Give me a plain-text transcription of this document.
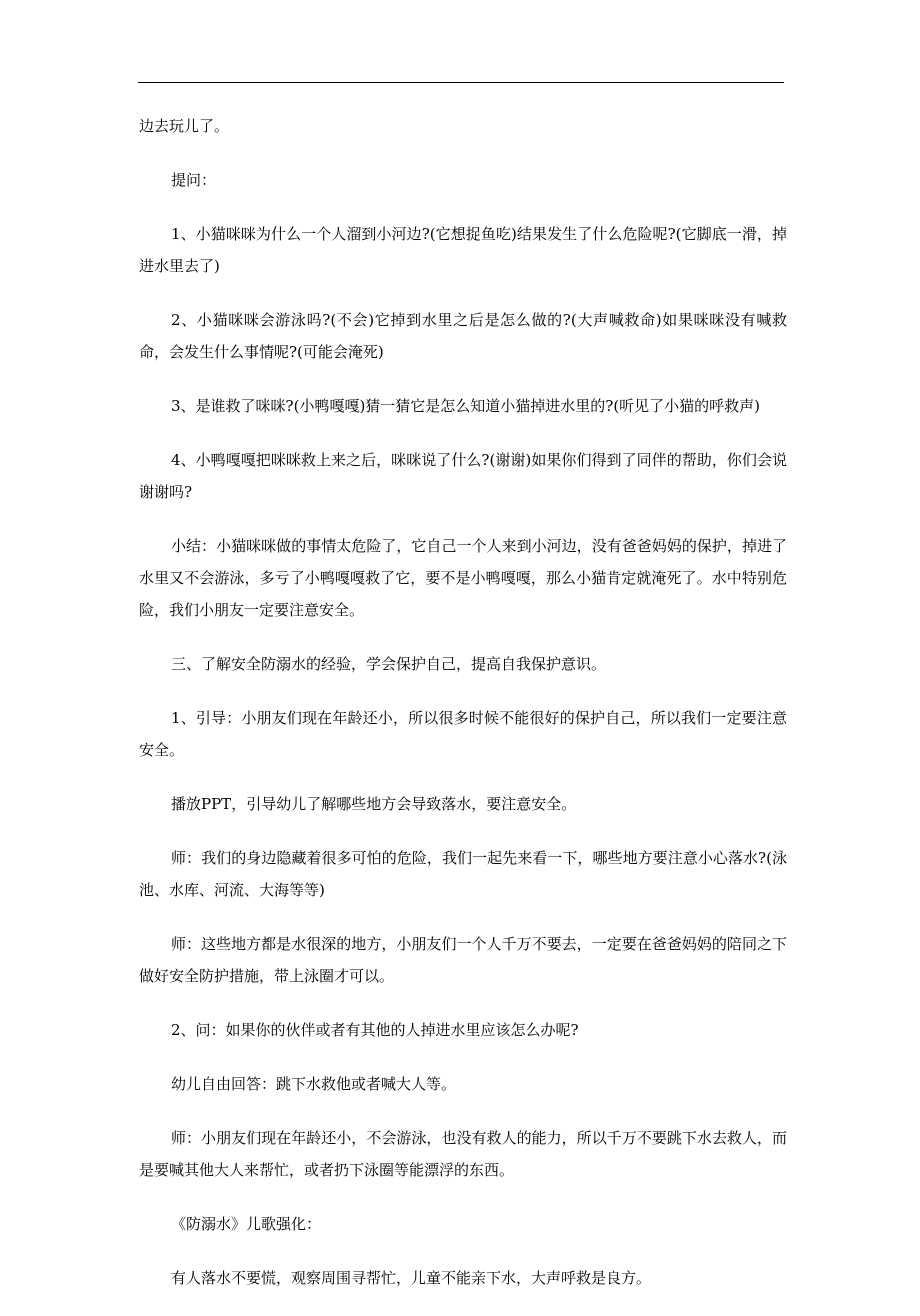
边去玩儿了。

提问：

1、小猫咪咪为什么一个人溜到小河边?(它想捉鱼吃)结果发生了什么危险呢?(它脚底一滑，掉进水里去了)

2、小猫咪咪会游泳吗?(不会)它掉到水里之后是怎么做的?(大声喊救命)如果咪咪没有喊救命，会发生什么事情呢?(可能会淹死)

3、是谁救了咪咪?(小鸭嘎嘎)猜一猜它是怎么知道小猫掉进水里的?(听见了小猫的呼救声)

4、小鸭嘎嘎把咪咪救上来之后，咪咪说了什么?(谢谢)如果你们得到了同伴的帮助，你们会说谢谢吗?

小结：小猫咪咪做的事情太危险了，它自己一个人来到小河边，没有爸爸妈妈的保护，掉进了水里又不会游泳，多亏了小鸭嘎嘎救了它，要不是小鸭嘎嘎，那么小猫肯定就淹死了。水中特别危险，我们小朋友一定要注意安全。

三、了解安全防溺水的经验，学会保护自己，提高自我保护意识。

1、引导：小朋友们现在年龄还小，所以很多时候不能很好的保护自己，所以我们一定要注意安全。

播放PPT，引导幼儿了解哪些地方会导致落水，要注意安全。

师：我们的身边隐藏着很多可怕的危险，我们一起先来看一下，哪些地方要注意小心落水?(泳池、水库、河流、大海等等)

师：这些地方都是水很深的地方，小朋友们一个人千万不要去，一定要在爸爸妈妈的陪同之下做好安全防护措施，带上泳圈才可以。

2、问：如果你的伙伴或者有其他的人掉进水里应该怎么办呢?

幼儿自由回答：跳下水救他或者喊大人等。

师：小朋友们现在年龄还小，不会游泳，也没有救人的能力，所以千万不要跳下水去救人，而是要喊其他大人来帮忙，或者扔下泳圈等能漂浮的东西。

《防溺水》儿歌强化：

有人落水不要慌，观察周围寻帮忙，儿童不能亲下水，大声呼救是良方。
